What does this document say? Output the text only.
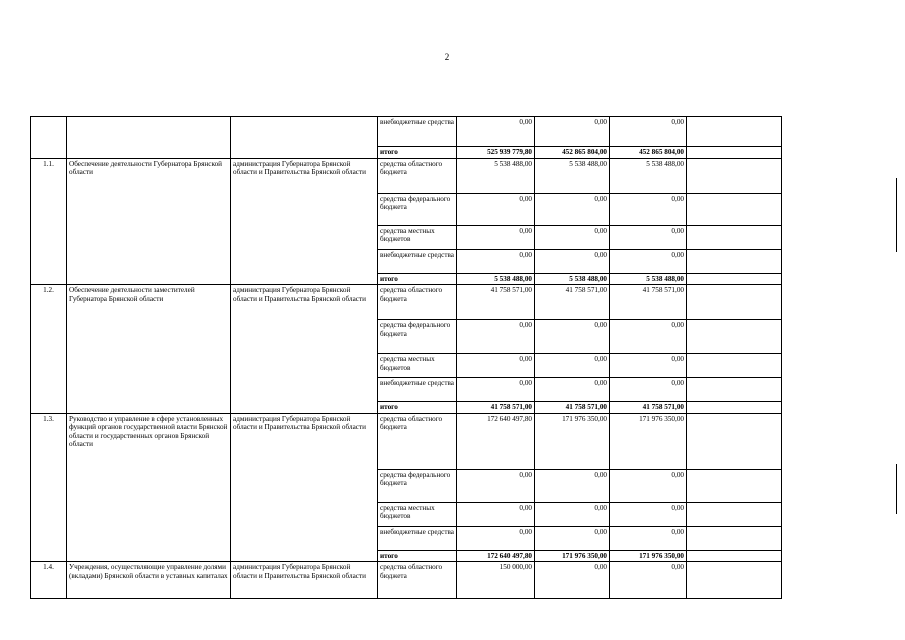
2
			внебюджетные средства	0,00	0,00	0,00	
			итого	525 939 779,80	452 865 804,00	452 865 804,00	
1.1.	Обеспечение деятельности Губернатора Брянской области	администрация Губернатора Брянской области и Правительства Брянской области	средства областного бюджета	5 538 488,00	5 538 488,00	5 538 488,00	
			средства федерального бюджета	0,00	0,00	0,00	
			средства местных бюджетов	0,00	0,00	0,00	
			внебюджетные средства	0,00	0,00	0,00	
			итого	5 538 488,00	5 538 488,00	5 538 488,00	
1.2.	Обеспечение деятельности заместителей Губернатора Брянской области	администрация Губернатора Брянской области и Правительства Брянской области	средства областного бюджета	41 758 571,00	41 758 571,00	41 758 571,00	
			средства федерального бюджета	0,00	0,00	0,00	
			средства местных бюджетов	0,00	0,00	0,00	
			внебюджетные средства	0,00	0,00	0,00	
			итого	41 758 571,00	41 758 571,00	41 758 571,00	
1.3.	Руководство и управление в сфере установленных функций органов государственной власти Брянской области и государственных органов Брянской области	администрация Губернатора Брянской области и Правительства Брянской области	средства областного бюджета	172 640 497,80	171 976 350,00	171 976 350,00	
			средства федерального бюджета	0,00	0,00	0,00	
			средства местных бюджетов	0,00	0,00	0,00	
			внебюджетные средства	0,00	0,00	0,00	
			итого	172 640 497,80	171 976 350,00	171 976 350,00	
1.4.	Учреждения, осуществляющие управление долями (вкладами) Брянской области в уставных капиталах	администрация Губернатора Брянской области и Правительства Брянской области	средства областного бюджета	150 000,00	0,00	0,00	
